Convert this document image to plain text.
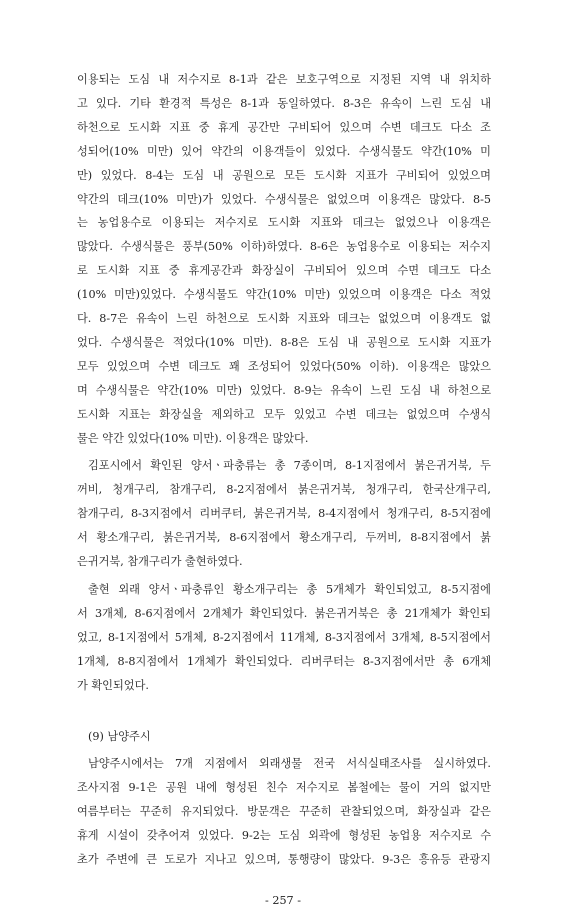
이용되는 도심 내 저수지로 8-1과 같은 보호구역으로 지정된 지역 내 위치하
고 있다. 기타 환경적 특성은 8-1과 동일하였다. 8-3은 유속이 느린 도심 내
하천으로 도시화 지표 중 휴게 공간만 구비되어 있으며 수변 데크도 다소 조
성되어(10% 미만) 있어 약간의 이용객들이 있었다. 수생식물도 약간(10% 미
만) 있었다. 8-4는 도심 내 공원으로 모든 도시화 지표가 구비되어 있었으며
약간의 데크(10% 미만)가 있었다. 수생식물은 없었으며 이용객은 많았다. 8-5
는 농업용수로 이용되는 저수지로 도시화 지표와 데크는 없었으나 이용객은
많았다. 수생식물은 풍부(50% 이하)하였다. 8-6은 농업용수로 이용되는 저수지
로 도시화 지표 중 휴게공간과 화장실이 구비되어 있으며 수면 데크도 다소
(10% 미만)있었다. 수생식물도 약간(10% 미만) 있었으며 이용객은 다소 적었
다. 8-7은 유속이 느린 하천으로 도시화 지표와 데크는 없었으며 이용객도 없
었다. 수생식물은 적었다(10% 미만). 8-8은 도심 내 공원으로 도시화 지표가
모두 있었으며 수변 데크도 꽤 조성되어 있었다(50% 이하). 이용객은 많았으
며 수생식물은 약간(10% 미만) 있었다. 8-9는 유속이 느린 도심 내 하천으로
도시화 지표는 화장실을 제외하고 모두 있었고 수변 데크는 없었으며 수생식
물은 약간 있었다(10% 미만). 이용객은 많았다.
김포시에서 확인된 양서ㆍ파충류는 총 7종이며, 8-1지점에서 붉은귀거북, 두
꺼비, 청개구리, 참개구리, 8-2지점에서 붉은귀거북, 청개구리, 한국산개구리,
참개구리, 8-3지점에서 리버쿠터, 붉은귀거북, 8-4지점에서 청개구리, 8-5지점에
서 황소개구리, 붉은귀거북, 8-6지점에서 황소개구리, 두꺼비, 8-8지점에서 붉
은귀거북, 참개구리가 출현하였다.
출현 외래 양서ㆍ파충류인 황소개구리는 총 5개체가 확인되었고, 8-5지점에
서 3개체, 8-6지점에서 2개체가 확인되었다. 붉은귀거북은 총 21개체가 확인되
었고, 8-1지점에서 5개체, 8-2지점에서 11개체, 8-3지점에서 3개체, 8-5지점에서
1개체, 8-8지점에서 1개체가 확인되었다. 리버쿠터는 8-3지점에서만 총 6개체
가 확인되었다.
(9) 남양주시
남양주시에서는 7개 지점에서 외래생물 전국 서식실태조사를 실시하였다.
조사지점 9-1은 공원 내에 형성된 친수 저수지로 봄철에는 물이 거의 없지만
여름부터는 꾸준히 유지되었다. 방문객은 꾸준히 관찰되었으며, 화장실과 같은
휴게 시설이 갖추어져 있었다. 9-2는 도심 외곽에 형성된 농업용 저수지로 수
초가 주변에 큰 도로가 지나고 있으며, 통행량이 많았다. 9-3은 흥유등 관광지
- 257 -
